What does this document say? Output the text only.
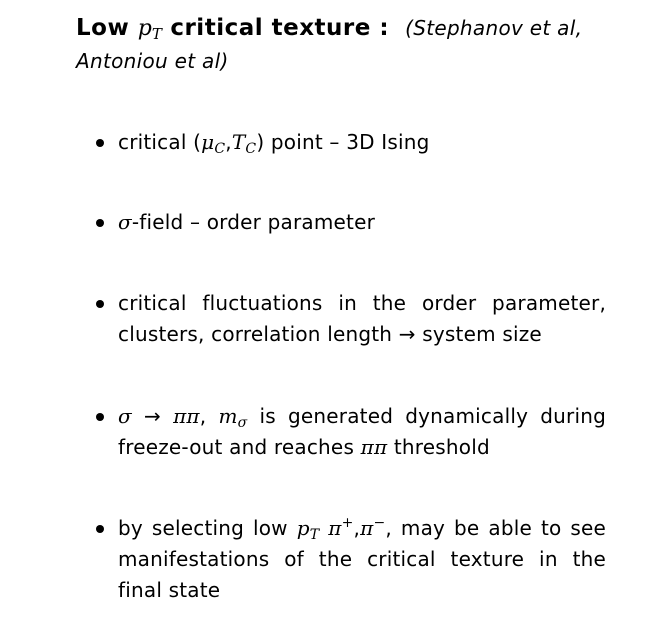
Low $p_T$ critical texture : (Stephanov et al, Antoniou et al)
critical $(\mu_C,T_C)$ point – 3D Ising
σ-field – order parameter
critical fluctuations in the order parameter, clusters, correlation length → system size
σ → ππ, $m_\sigma$ is generated dynamically during freeze-out and reaches ππ threshold
by selecting low $p_T$ π+,π−, may be able to see manifestations of the critical texture in the final state
